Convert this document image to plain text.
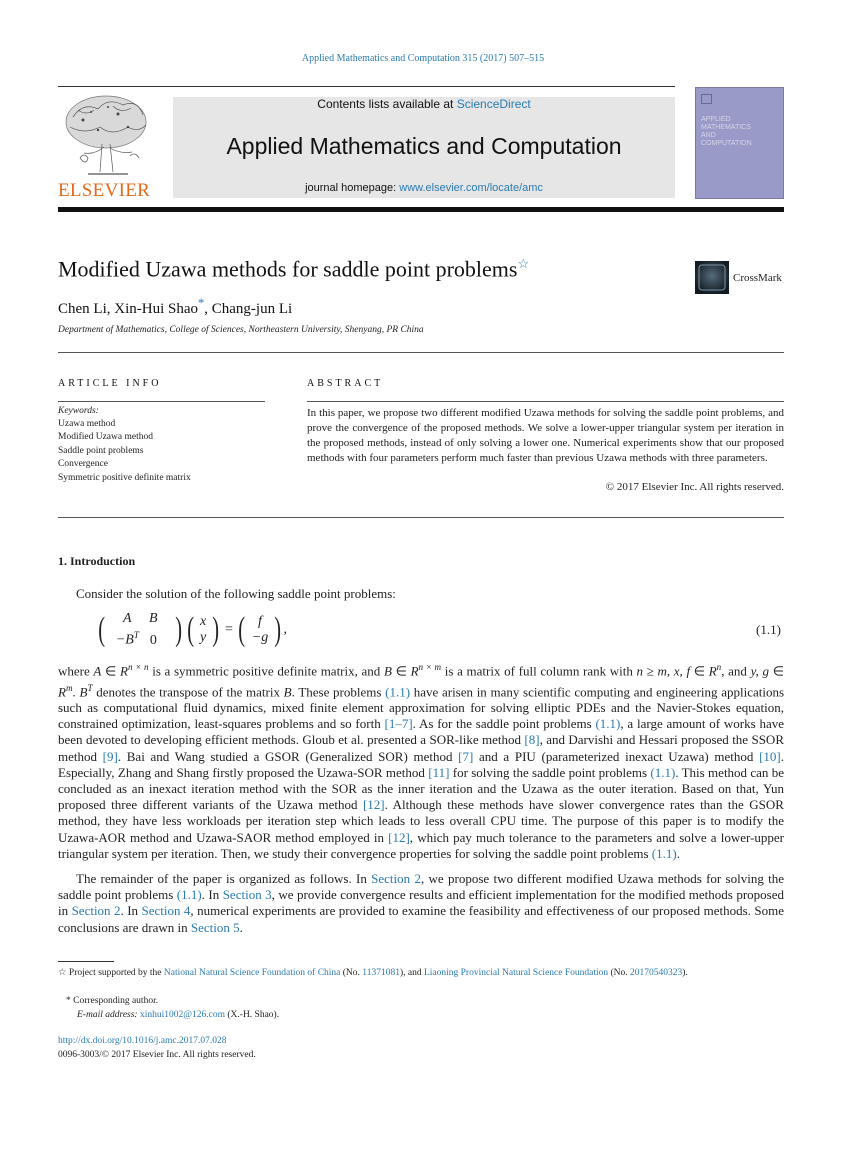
Applied Mathematics and Computation 315 (2017) 507–515
ELSEVIER
Contents lists available at ScienceDirect
Applied Mathematics and Computation
journal homepage: www.elsevier.com/locate/amc
APPLIED
MATHEMATICS
AND
COMPUTATION
Modified Uzawa methods for saddle point problems☆
CrossMark
Chen Li, Xin-Hui Shao*, Chang-jun Li
Department of Mathematics, College of Sciences, Northeastern University, Shenyang, PR China
ARTICLE INFO
Keywords:
Uzawa method
Modified Uzawa method
Saddle point problems
Convergence
Symmetric positive definite matrix
ABSTRACT
In this paper, we propose two different modified Uzawa methods for solving the saddle point problems, and prove the convergence of the proposed methods. We solve a lower-upper triangular system per iteration in the proposed methods, instead of only solving a lower one. Numerical experiments show that our proposed methods with four parameters perform much faster than previous Uzawa methods with three parameters.
© 2017 Elsevier Inc. All rights reserved.
1. Introduction
Consider the solution of the following saddle point problems:
( A B
$-B^T$ 0 ) ( x
y ) = ( f
−g ) ,	(1.1)
where A ∈ $R^{n \times n}$ is a symmetric positive definite matrix, and B ∈ $R^{n \times m}$ is a matrix of full column rank with n ≥ m, x, f ∈ $R^n$, and y, g ∈ $R^m$. $B^T$ denotes the transpose of the matrix B. These problems (1.1) have arisen in many scientific computing and engineering applications such as computational fluid dynamics, mixed finite element approximation for solving elliptic PDEs and the Navier-Stokes equation, constrained optimization, least-squares problems and so forth [1–7]. As for the saddle point problems (1.1), a large amount of works have been devoted to developing efficient methods. Gloub et al. presented a SOR-like method [8], and Darvishi and Hessari proposed the SSOR method [9]. Bai and Wang studied a GSOR (Generalized SOR) method [7] and a PIU (parameterized inexact Uzawa) method [10]. Especially, Zhang and Shang firstly proposed the Uzawa-SOR method [11] for solving the saddle point problems (1.1). This method can be concluded as an inexact iteration method with the SOR as the inner iteration and the Uzawa as the outer iteration. Based on that, Yun proposed three different variants of the Uzawa method [12]. Although these methods have slower convergence rates than the GSOR method, they have less workloads per iteration step which leads to less overall CPU time. The purpose of this paper is to modify the Uzawa-AOR method and Uzawa-SAOR method employed in [12], which pay much tolerance to the parameters and solve a lower-upper triangular system per iteration. Then, we study their convergence properties for solving the saddle point problems (1.1).
The remainder of the paper is organized as follows. In Section 2, we propose two different modified Uzawa methods for solving the saddle point problems (1.1). In Section 3, we provide convergence results and efficient implementation for the modified methods proposed in Section 2. In Section 4, numerical experiments are provided to examine the feasibility and effectiveness of our proposed methods. Some conclusions are drawn in Section 5.
☆ Project supported by the National Natural Science Foundation of China (No. 11371081), and Liaoning Provincial Natural Science Foundation (No. 20170540323).
* Corresponding author.
E-mail address: xinhui1002@126.com (X.-H. Shao).
http://dx.doi.org/10.1016/j.amc.2017.07.028
0096-3003/© 2017 Elsevier Inc. All rights reserved.
